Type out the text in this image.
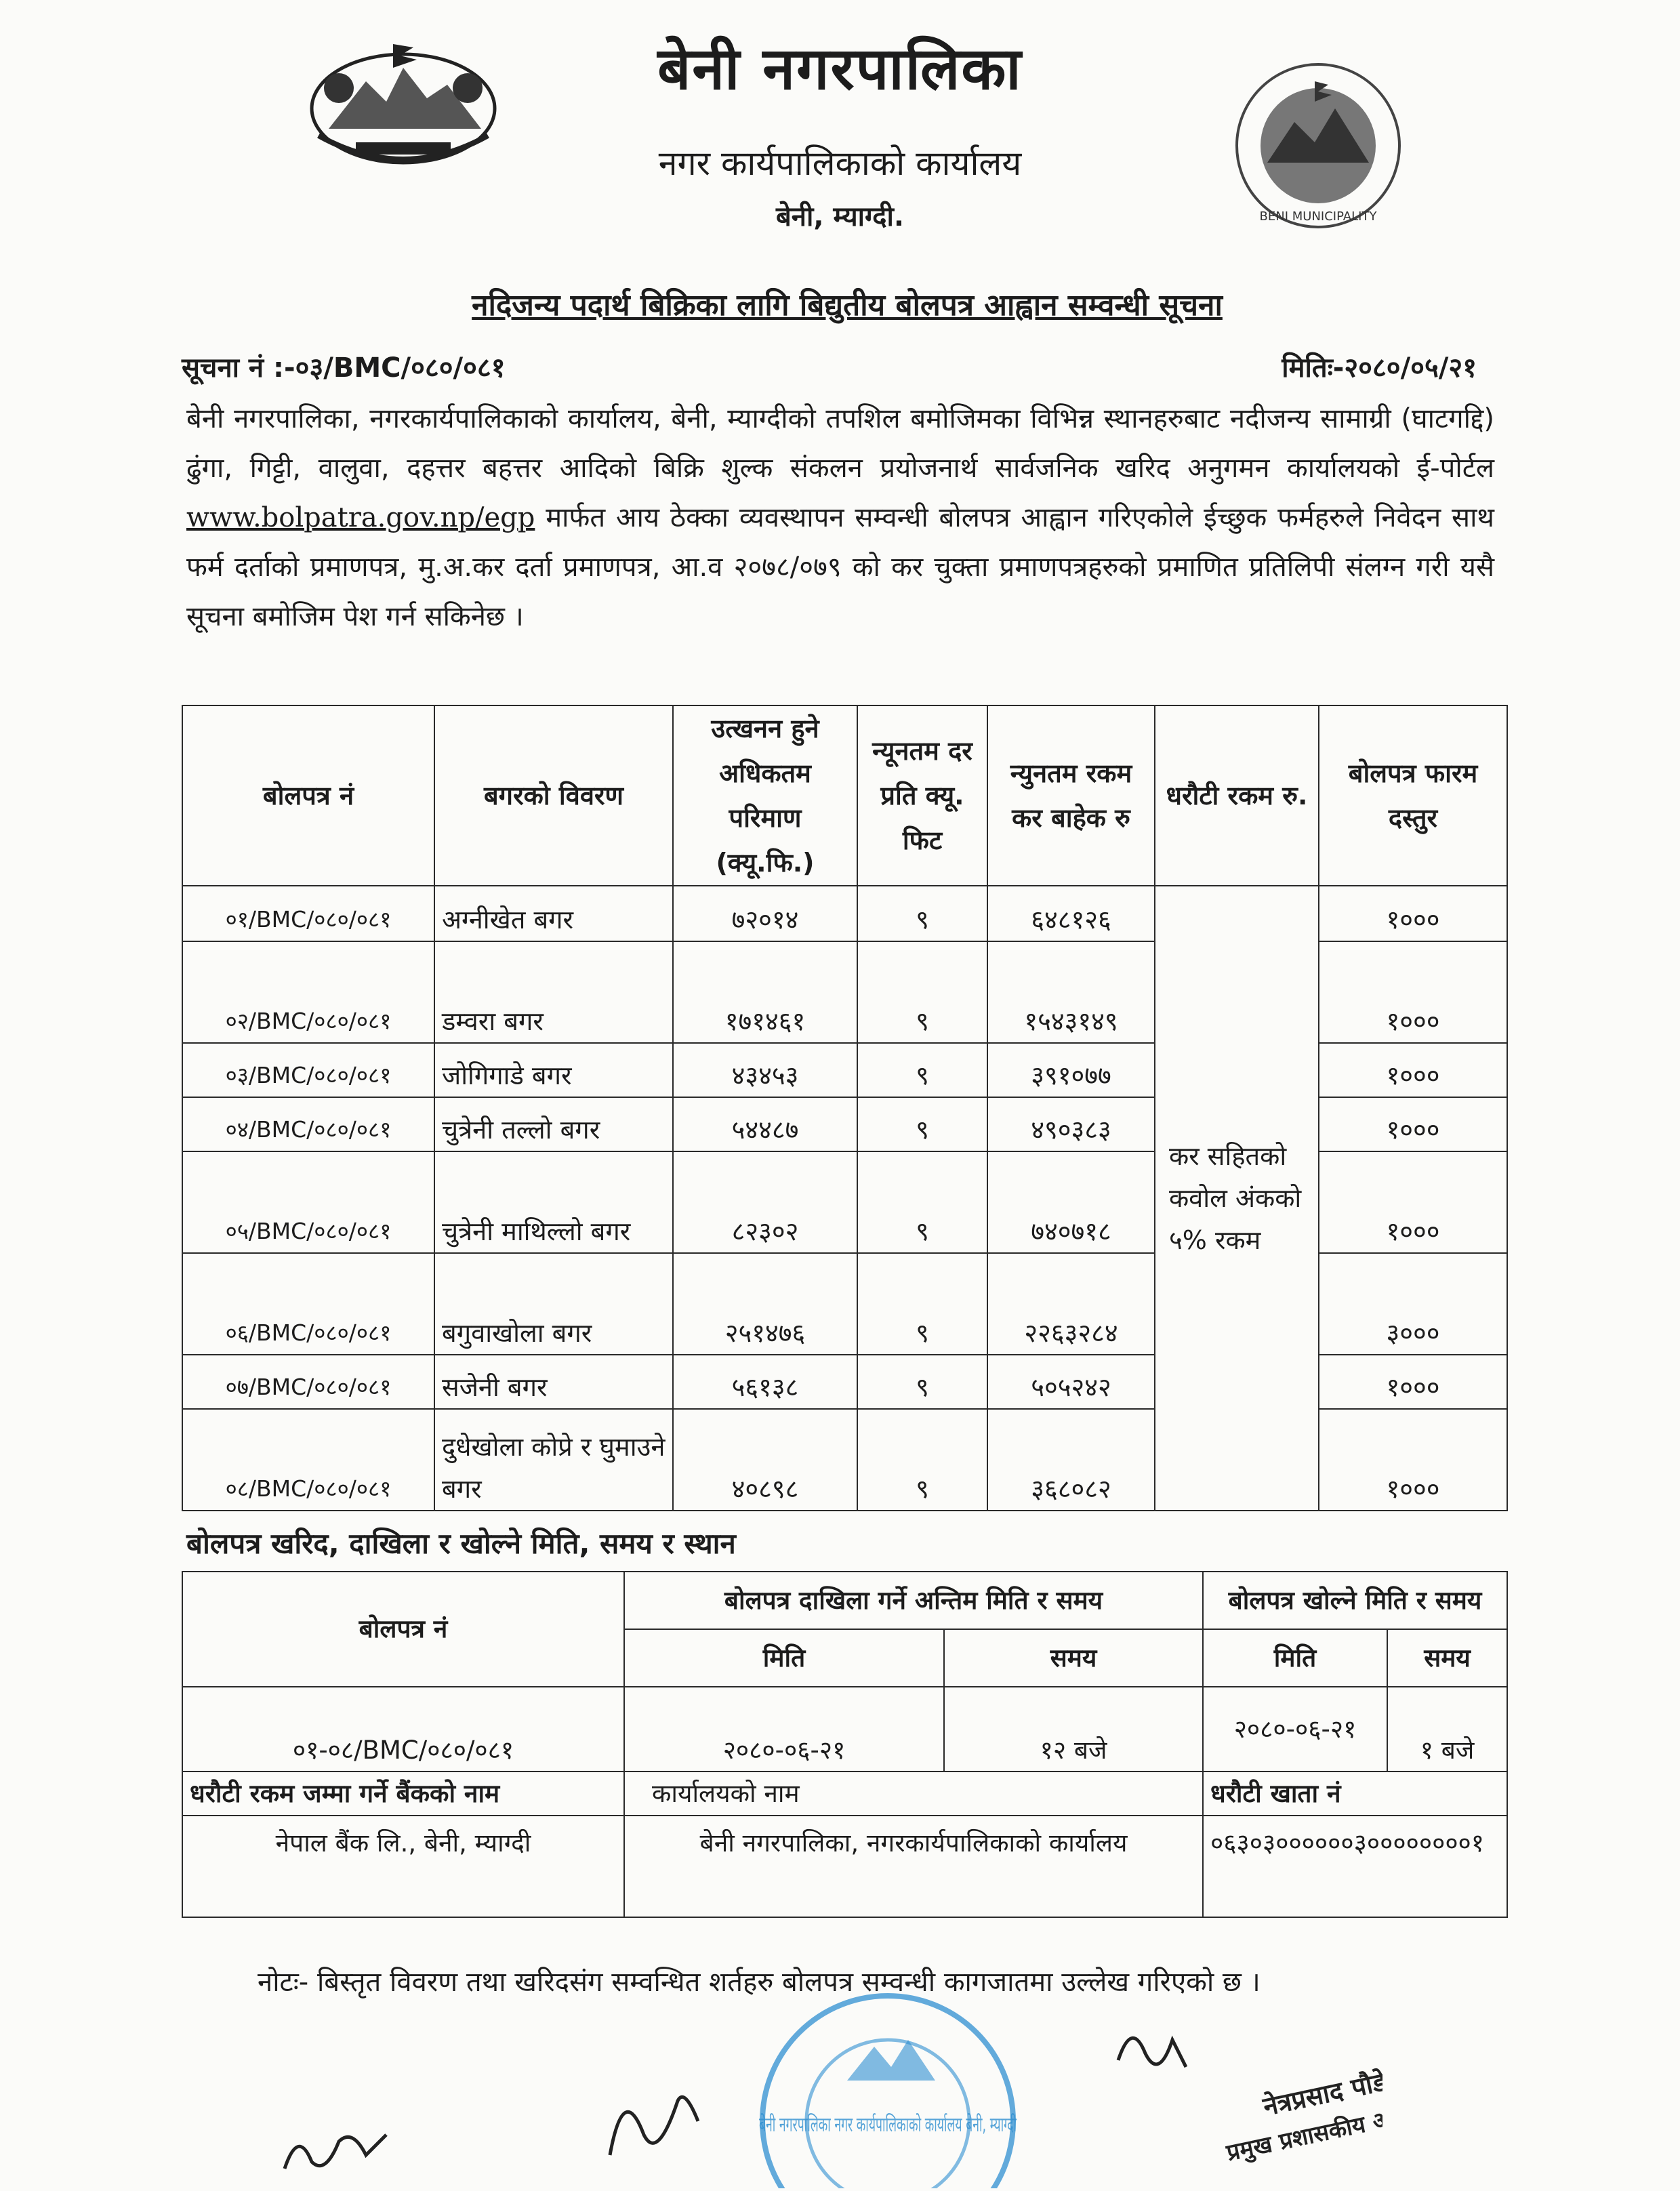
बेनी नगरपालिका
नगर कार्यपालिकाको कार्यालय
बेनी, म्याग्दी.	BENI MUNICIPALITY
नदिजन्य पदार्थ बिक्रिका लागि बिद्युतीय बोलपत्र आह्वान सम्वन्धी सूचना
सूचना नं :-०३/BMC/०८०/०८१	मितिः-२०८०/०५/२१
बेनी नगरपालिका, नगरकार्यपालिकाको कार्यालय, बेनी, म्याग्दीको तपशिल बमोजिमका विभिन्न स्थानहरुबाट नदीजन्य सामाग्री (घाटगद्दि) ढुंगा, गिट्टी, वालुवा, दहत्तर बहत्तर आदिको बिक्रि शुल्क संकलन प्रयोजनार्थ सार्वजनिक खरिद अनुगमन कार्यालयको ई-पोर्टल www.bolpatra.gov.np/egp मार्फत आय ठेक्का व्यवस्थापन सम्वन्धी बोलपत्र आह्वान गरिएकोले ईच्छुक फर्महरुले निवेदन साथ फर्म दर्ताको प्रमाणपत्र, मु.अ.कर दर्ता प्रमाणपत्र, आ.व २०७८/०७९ को कर चुक्ता प्रमाणपत्रहरुको प्रमाणित प्रतिलिपी संलग्न गरी यसै सूचना बमोजिम पेश गर्न सकिनेछ ।
बोलपत्र नं	बगरको विवरण	उत्खनन हुने अधिकतम परिमाण (क्यू.फि.)	न्यूनतम दर प्रति क्यू. फिट	न्युनतम रकम कर बाहेक रु	धरौटी रकम रु.	बोलपत्र फारम दस्तुर
०१/BMC/०८०/०८१	अग्नीखेत बगर	७२०१४	९	६४८१२६	कर सहितको कवोल अंकको ५% रकम	१०००
०२/BMC/०८०/०८१	डम्वरा बगर	१७१४६१	९	१५४३१४९		१०००
०३/BMC/०८०/०८१	जोगिगाडे बगर	४३४५३	९	३९१०७७		१०००
०४/BMC/०८०/०८१	चुत्रेनी तल्लो बगर	५४४८७	९	४९०३८३		१०००
०५/BMC/०८०/०८१	चुत्रेनी माथिल्लो बगर	८२३०२	९	७४०७१८		१०००
०६/BMC/०८०/०८१	बगुवाखोला बगर	२५१४७६	९	२२६३२८४		३०००
०७/BMC/०८०/०८१	सजेनी बगर	५६१३८	९	५०५२४२		१०००
०८/BMC/०८०/०८१	दुधेखोला कोप्रे र घुमाउने बगर	४०८९८	९	३६८०८२		१०००
बोलपत्र खरिद, दाखिला र खोल्ने मिति, समय र स्थान
बोलपत्र नं	बोलपत्र दाखिला गर्ने अन्तिम मिति र समय		बोलपत्र खोल्ने मिति र समय	
	मिति	समय	मिति	समय
०१-०८/BMC/०८०/०८१	२०८०-०६-२१	१२ बजे	२०८०-०६-२१	१ बजे
धरौटी रकम जम्मा गर्ने बैंकको नाम	कार्यालयको नाम		धरौटी खाता नं	
नेपाल बैंक लि., बेनी, म्याग्दी	बेनी नगरपालिका, नगरकार्यपालिकाको कार्यालय		०६३०३००००००३००००००००१	
नोटः- बिस्तृत विवरण तथा खरिदसंग सम्वन्धित शर्तहरु बोलपत्र सम्वन्धी कागजातमा उल्लेख गरिएको छ ।
बेनी नगरपालिका नगर कार्यपालिकाको कार्यालय बेनी, म्याग्दी
नेत्रप्रसाद पौडेल
प्रमुख प्रशासकीय अधिकृत
